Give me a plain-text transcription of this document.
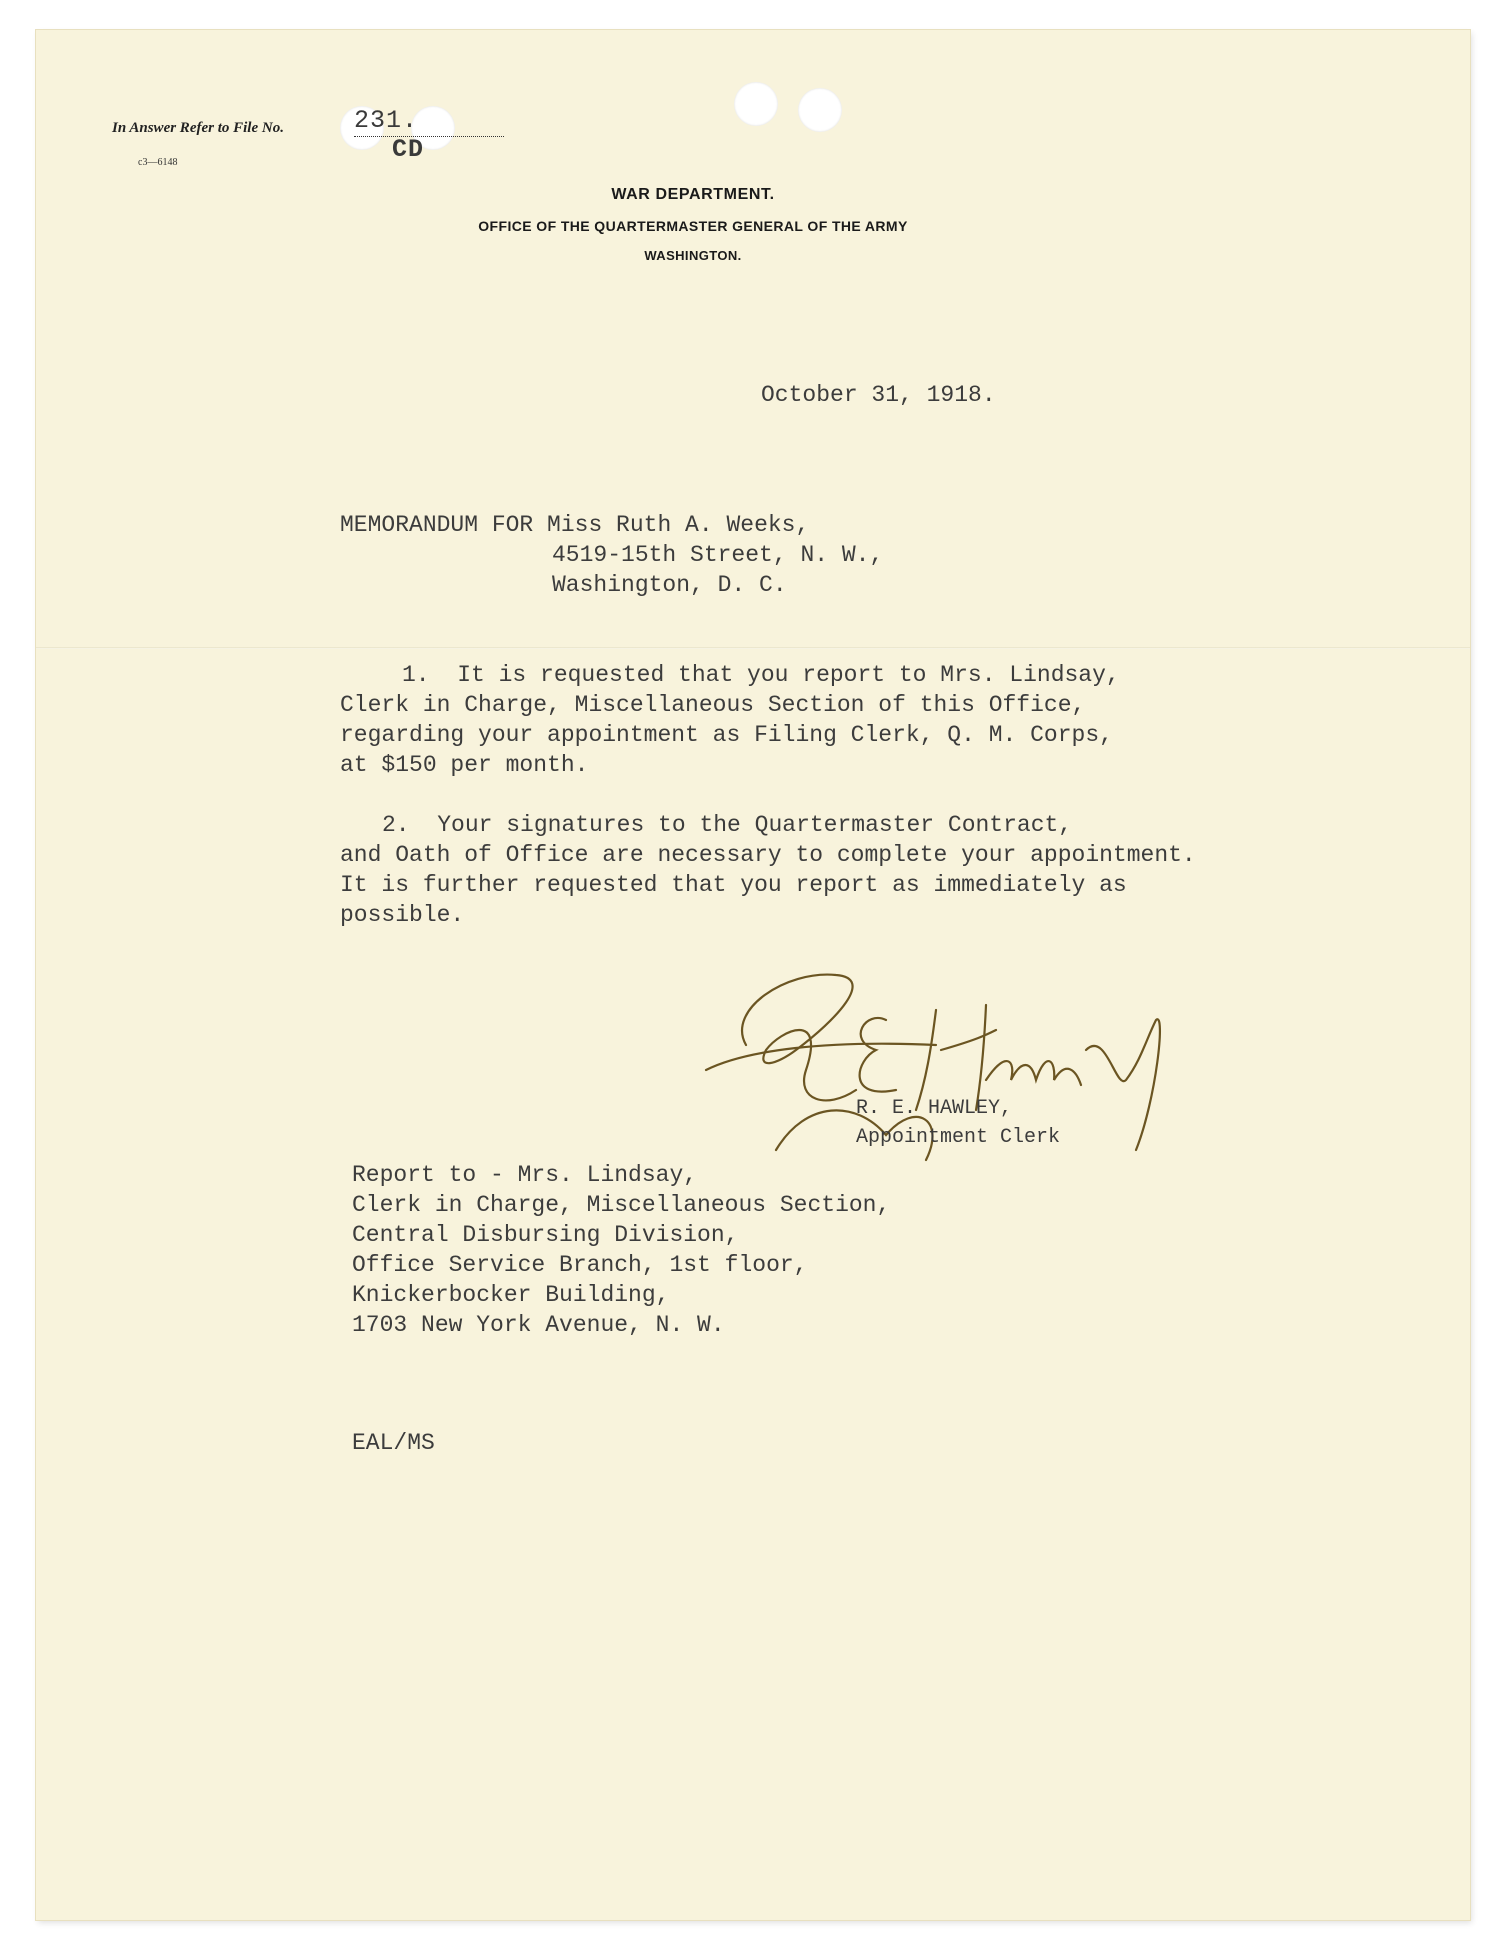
In Answer Refer to File No.	231. CD
c3—6148
WAR DEPARTMENT.
OFFICE OF THE QUARTERMASTER GENERAL OF THE ARMY
WASHINGTON.
October 31, 1918.
MEMORANDUM FOR Miss Ruth A. Weeks,
4519-15th Street, N. W.,
Washington, D. C.
1.  It is requested that you report to Mrs. Lindsay,
Clerk in Charge, Miscellaneous Section of this Office,
regarding your appointment as Filing Clerk, Q. M. Corps,
at $150 per month.
2.  Your signatures to the Quartermaster Contract,
and Oath of Office are necessary to complete your appointment.
It is further requested that you report as immediately as
possible.
R. E. HAWLEY,
Appointment Clerk
Report to - Mrs. Lindsay,
Clerk in Charge, Miscellaneous Section,
Central Disbursing Division,
Office Service Branch, 1st floor,
Knickerbocker Building,
1703 New York Avenue, N. W.
EAL/MS
